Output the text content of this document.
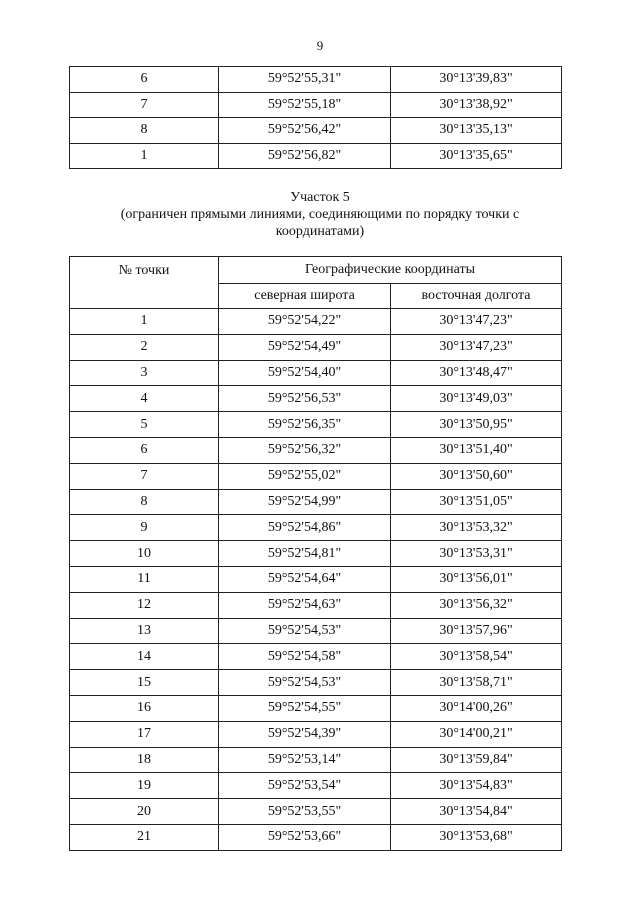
9
6	59°52'55,31"	30°13'39,83"
7	59°52'55,18"	30°13'38,92"
8	59°52'56,42"	30°13'35,13"
1	59°52'56,82"	30°13'35,65"
Участок 5
(ограничен прямыми линиями, соединяющими по порядку точки с
координатами)
№ точки	Географические координаты	
	северная широта	восточная долгота
1	59°52'54,22"	30°13'47,23"
2	59°52'54,49"	30°13'47,23"
3	59°52'54,40"	30°13'48,47"
4	59°52'56,53"	30°13'49,03"
5	59°52'56,35"	30°13'50,95"
6	59°52'56,32"	30°13'51,40"
7	59°52'55,02"	30°13'50,60"
8	59°52'54,99"	30°13'51,05"
9	59°52'54,86"	30°13'53,32"
10	59°52'54,81"	30°13'53,31"
11	59°52'54,64"	30°13'56,01"
12	59°52'54,63"	30°13'56,32"
13	59°52'54,53"	30°13'57,96"
14	59°52'54,58"	30°13'58,54"
15	59°52'54,53"	30°13'58,71"
16	59°52'54,55"	30°14'00,26"
17	59°52'54,39"	30°14'00,21"
18	59°52'53,14"	30°13'59,84"
19	59°52'53,54"	30°13'54,83"
20	59°52'53,55"	30°13'54,84"
21	59°52'53,66"	30°13'53,68"
